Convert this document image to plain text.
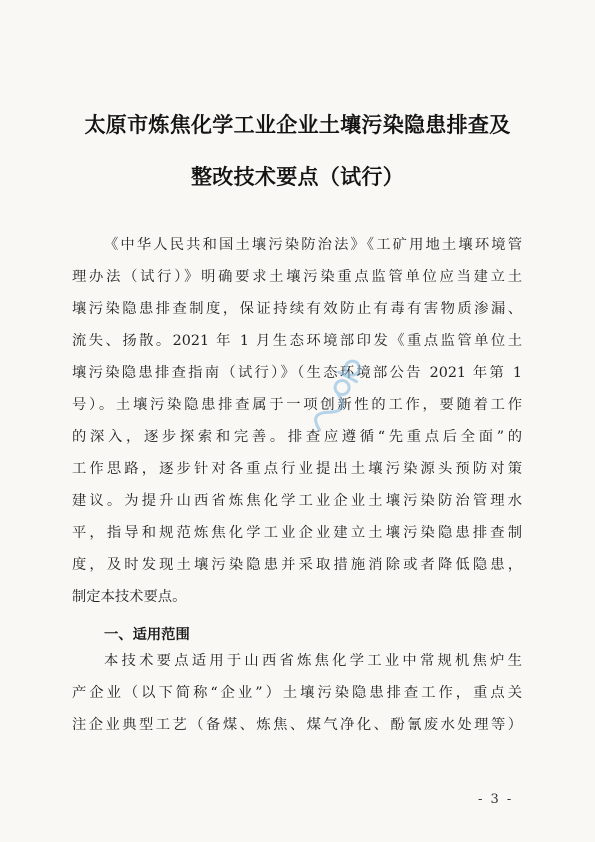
太原市炼焦化学工业企业土壤污染隐患排查及
整改技术要点（试行）
《中华人民共和国土壤污染防治法》《工矿用地土壤环境管
理办法（试行）》明确要求土壤污染重点监管单位应当建立土
壤污染隐患排查制度，保证持续有效防止有毒有害物质渗漏、
流失、扬散。2021 年 1 月生态环境部印发《重点监管单位土
壤污染隐患排查指南（试行）》（生态环境部公告 2021 年第 1
号）。土壤污染隐患排查属于一项创新性的工作，要随着工作
的深入，逐步探索和完善。排查应遵循“先重点后全面”的
工作思路，逐步针对各重点行业提出土壤污染源头预防对策
建议。为提升山西省炼焦化学工业企业土壤污染防治管理水
平，指导和规范炼焦化学工业企业建立土壤污染隐患排查制
度，及时发现土壤污染隐患并采取措施消除或者降低隐患，
制定本技术要点。
一、适用范围
本技术要点适用于山西省炼焦化学工业中常规机焦炉生
产企业（以下简称“企业”）土壤污染隐患排查工作，重点关
注企业典型工艺（备煤、炼焦、煤气净化、酚氰废水处理等）
- 3 -
